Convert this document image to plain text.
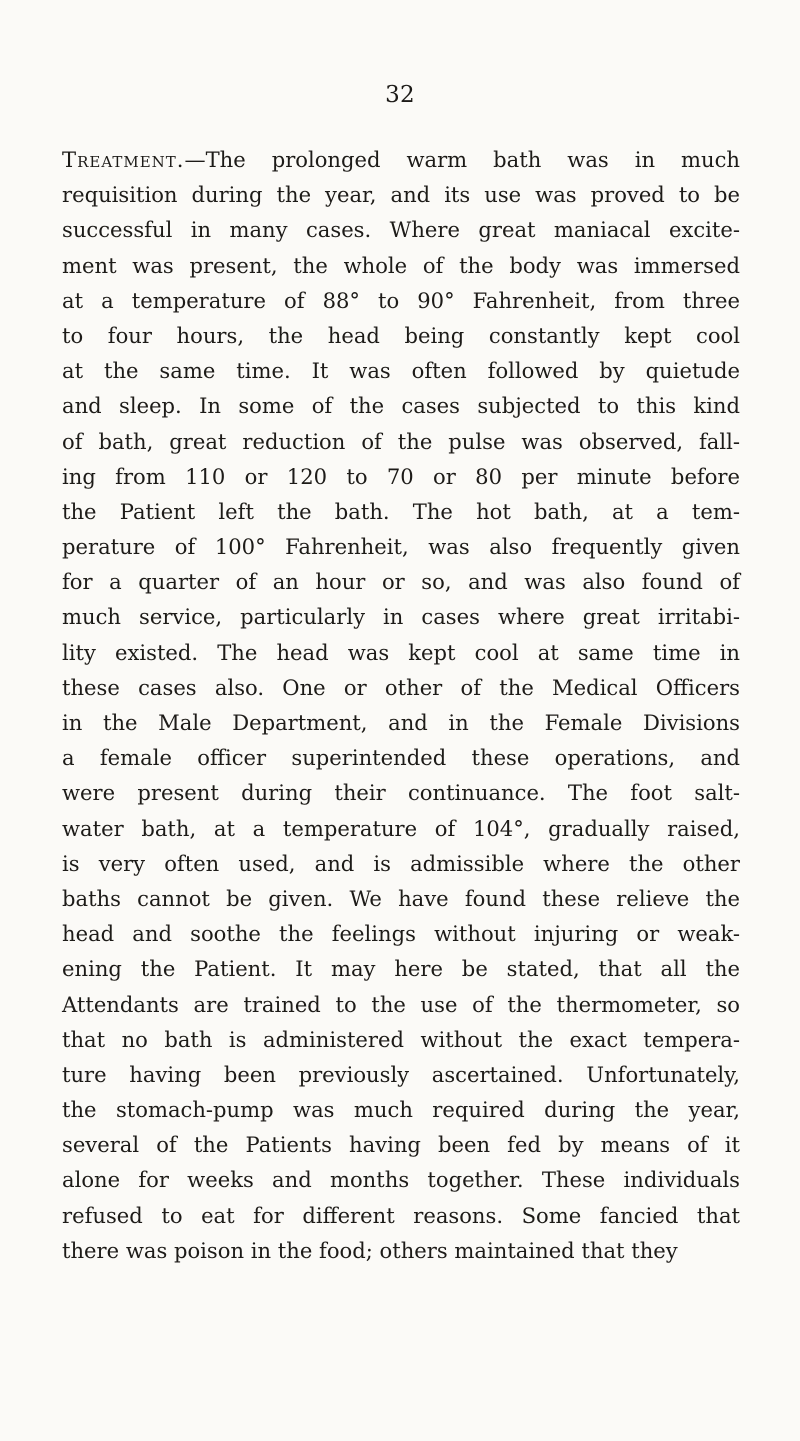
32
Treatment.—The prolonged warm bath was in much
requisition during the year, and its use was proved to be
successful in many cases. Where great maniacal excite-
ment was present, the whole of the body was immersed
at a temperature of 88° to 90° Fahrenheit, from three
to four hours, the head being constantly kept cool
at the same time. It was often followed by quietude
and sleep. In some of the cases subjected to this kind
of bath, great reduction of the pulse was observed, fall-
ing from 110 or 120 to 70 or 80 per minute before
the Patient left the bath. The hot bath, at a tem-
perature of 100° Fahrenheit, was also frequently given
for a quarter of an hour or so, and was also found of
much service, particularly in cases where great irritabi-
lity existed. The head was kept cool at same time in
these cases also. One or other of the Medical Officers
in the Male Department, and in the Female Divisions
a female officer superintended these operations, and
were present during their continuance. The foot salt-
water bath, at a temperature of 104°, gradually raised,
is very often used, and is admissible where the other
baths cannot be given. We have found these relieve the
head and soothe the feelings without injuring or weak-
ening the Patient. It may here be stated, that all the
Attendants are trained to the use of the thermometer, so
that no bath is administered without the exact tempera-
ture having been previously ascertained. Unfortunately,
the stomach-pump was much required during the year,
several of the Patients having been fed by means of it
alone for weeks and months together. These individuals
refused to eat for different reasons. Some fancied that
there was poison in the food; others maintained that they
